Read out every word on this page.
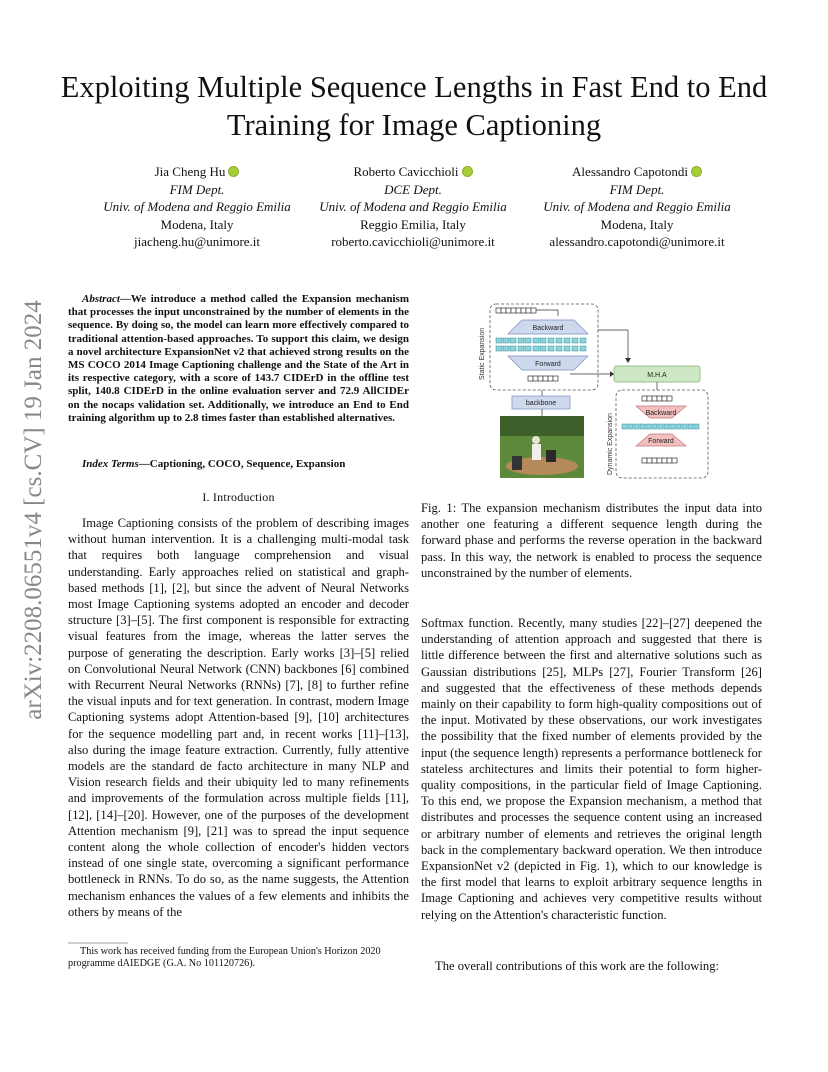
arXiv:2208.06551v4 [cs.CV] 19 Jan 2024
Exploiting Multiple Sequence Lengths in Fast End to End Training for Image Captioning
Jia Cheng Hu
FIM Dept.
Univ. of Modena and Reggio Emilia
Modena, Italy
jiacheng.hu@unimore.it
Roberto Cavicchioli
DCE Dept.
Univ. of Modena and Reggio Emilia
Reggio Emilia, Italy
roberto.cavicchioli@unimore.it
Alessandro Capotondi
FIM Dept.
Univ. of Modena and Reggio Emilia
Modena, Italy
alessandro.capotondi@unimore.it
Abstract—We introduce a method called the Expansion mechanism that processes the input unconstrained by the number of elements in the sequence. By doing so, the model can learn more effectively compared to traditional attention-based approaches. To support this claim, we design a novel architecture ExpansionNet v2 that achieved strong results on the MS COCO 2014 Image Captioning challenge and the State of the Art in its respective category, with a score of 143.7 CIDErD in the offline test split, 140.8 CIDErD in the online evaluation server and 72.9 AllCIDEr on the nocaps validation set. Additionally, we introduce an End to End training algorithm up to 2.8 times faster than established alternatives.
Index Terms—Captioning, COCO, Sequence, Expansion
I. Introduction

Image Captioning consists of the problem of describing images without human intervention. It is a challenging multi-modal task that requires both language comprehension and visual understanding. Early approaches relied on statistical and graph-based methods [1], [2], but since the advent of Neural Networks most Image Captioning systems adopted an encoder and decoder structure [3]–[5]. The first component is responsible for extracting visual features from the image, whereas the latter serves the purpose of generating the description. Early works [3]–[5] relied on Convolutional Neural Network (CNN) backbones [6] combined with Recurrent Neural Networks (RNNs) [7], [8] to further refine the visual inputs and for text generation. In contrast, modern Image Captioning systems adopt Attention-based [9], [10] architectures for the sequence modelling part and, in recent works [11]–[13], also during the image feature extraction. Currently, fully attentive models are the standard de facto architecture in many NLP and Vision research fields and their ubiquity led to many refinements and improvements of the formulation across multiple fields [11], [12], [14]–[20]. However, one of the purposes of the development Attention mechanism [9], [21] was to spread the input sequence content along the whole collection of encoder's hidden vectors instead of one single state, overcoming a significant performance bottleneck in RNNs. To do so, as the name suggests, the Attention mechanism enhances the values of a few elements and inhibits the others by means of the

This work has received funding from the European Union's Horizon 2020 programme dAIEDGE (G.A. No 101120726).
Static Expansion	Backward
Forward
backbone
M.H.A
Dynamic Expansion	Backward
Forward
Fig. 1: The expansion mechanism distributes the input data into another one featuring a different sequence length during the forward phase and performs the reverse operation in the backward pass. In this way, the network is enabled to process the sequence unconstrained by the number of elements.

Softmax function. Recently, many studies [22]–[27] deepened the understanding of attention approach and suggested that there is little difference between the first and alternative solutions such as Gaussian distributions [25], MLPs [27], Fourier Transform [26] and suggested that the effectiveness of these methods depends mainly on their capability to form high-quality compositions out of the input. Motivated by these observations, our work investigates the possibility that the fixed number of elements provided by the input (the sequence length) represents a performance bottleneck for stateless architectures and limits their potential to form higher-quality compositions, in the particular field of Image Captioning. To this end, we propose the Expansion mechanism, a method that distributes and processes the sequence content using an increased or arbitrary number of elements and retrieves the original length back in the complementary backward operation. We then introduce ExpansionNet v2 (depicted in Fig. 1), which to our knowledge is the first model that learns to exploit arbitrary sequence lengths in Image Captioning and achieves very competitive results without relying on the Attention's characteristic function.

The overall contributions of this work are the following:
